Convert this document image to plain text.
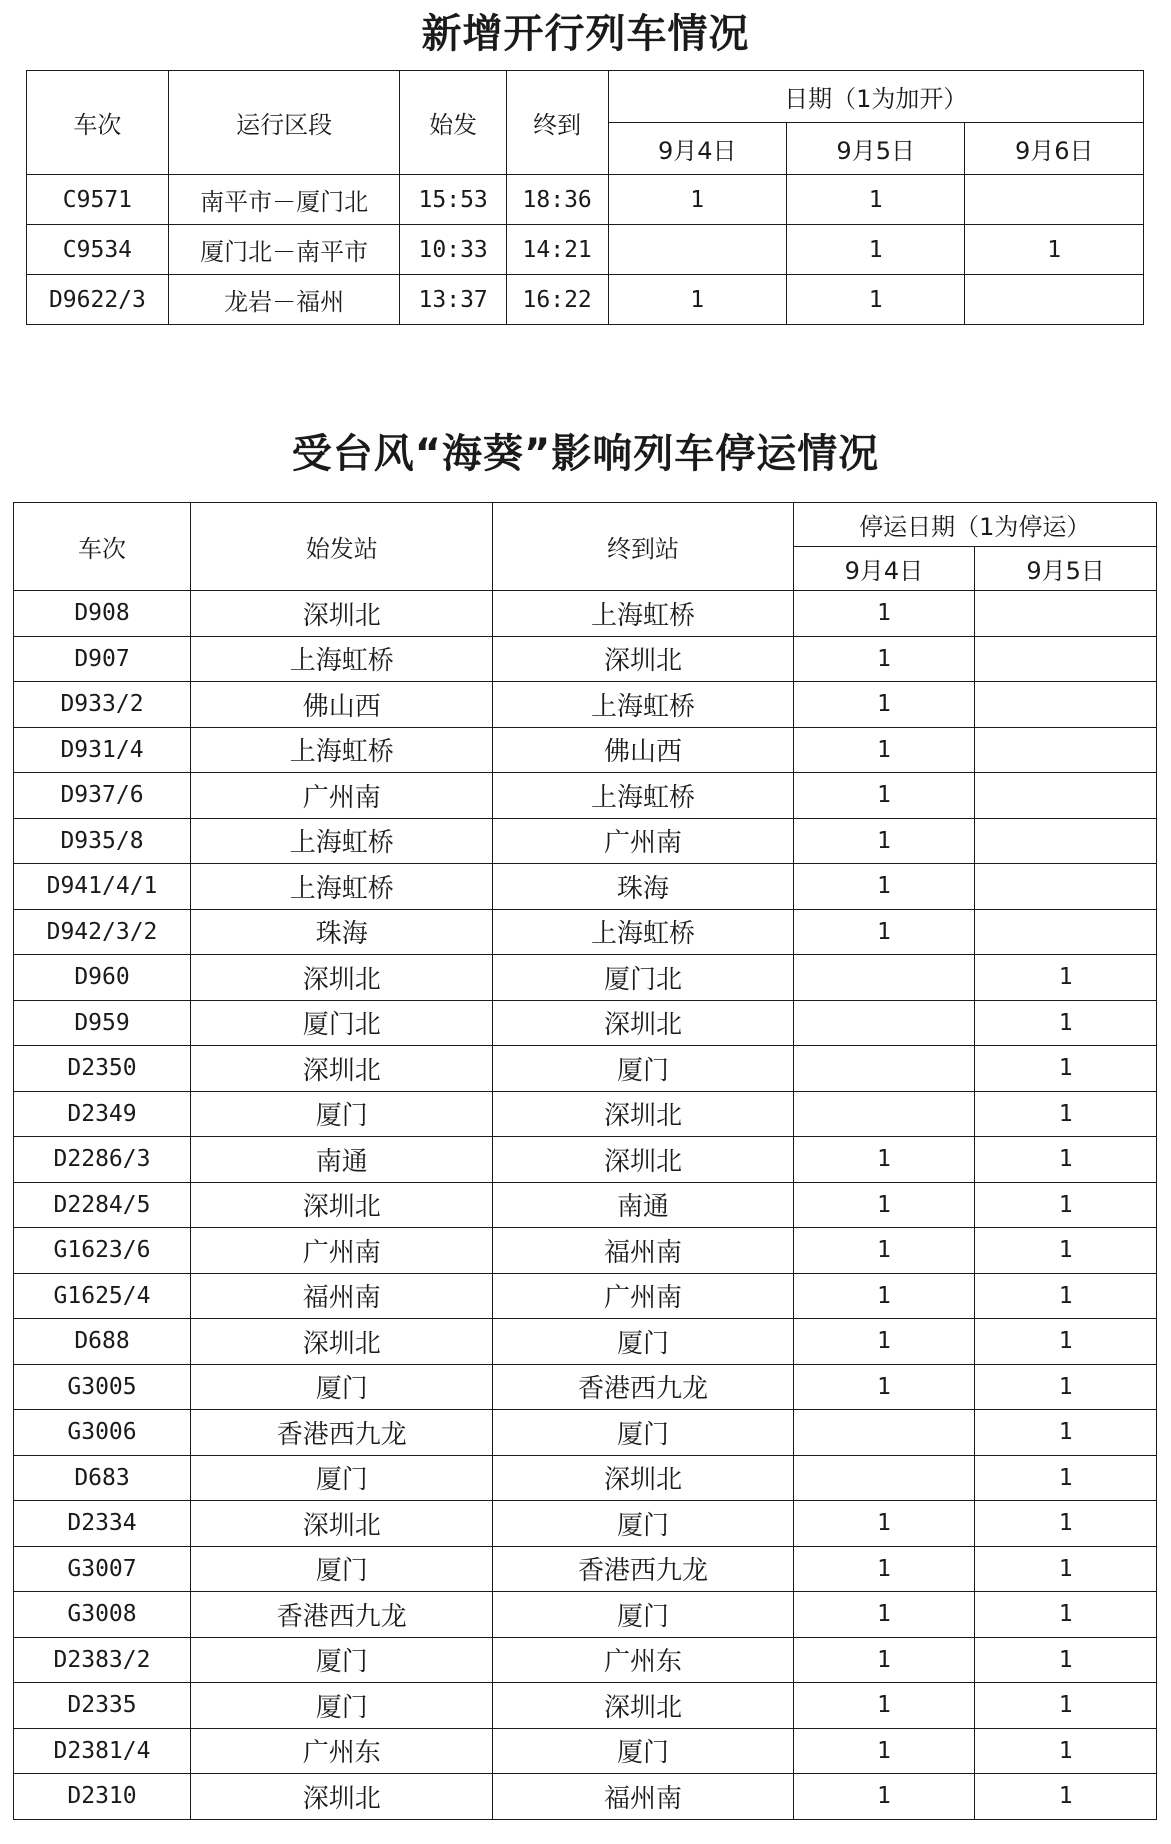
新增开行列车情况
车次	运行区段	始发	终到	日期（1为加开）		
				9月4日	9月5日	9月6日
C9571	南平市－厦门北	15:53	18:36	1	1	
C9534	厦门北－南平市	10:33	14:21		1	1
D9622/3	龙岩－福州	13:37	16:22	1	1	
受台风“海葵”影响列车停运情况
车次	始发站	终到站	停运日期（1为停运）	
			9月4日	9月5日
D908	深圳北	上海虹桥	1	
D907	上海虹桥	深圳北	1	
D933/2	佛山西	上海虹桥	1	
D931/4	上海虹桥	佛山西	1	
D937/6	广州南	上海虹桥	1	
D935/8	上海虹桥	广州南	1	
D941/4/1	上海虹桥	珠海	1	
D942/3/2	珠海	上海虹桥	1	
D960	深圳北	厦门北		1
D959	厦门北	深圳北		1
D2350	深圳北	厦门		1
D2349	厦门	深圳北		1
D2286/3	南通	深圳北	1	1
D2284/5	深圳北	南通	1	1
G1623/6	广州南	福州南	1	1
G1625/4	福州南	广州南	1	1
D688	深圳北	厦门	1	1
G3005	厦门	香港西九龙	1	1
G3006	香港西九龙	厦门		1
D683	厦门	深圳北		1
D2334	深圳北	厦门	1	1
G3007	厦门	香港西九龙	1	1
G3008	香港西九龙	厦门	1	1
D2383/2	厦门	广州东	1	1
D2335	厦门	深圳北	1	1
D2381/4	广州东	厦门	1	1
D2310	深圳北	福州南	1	1
